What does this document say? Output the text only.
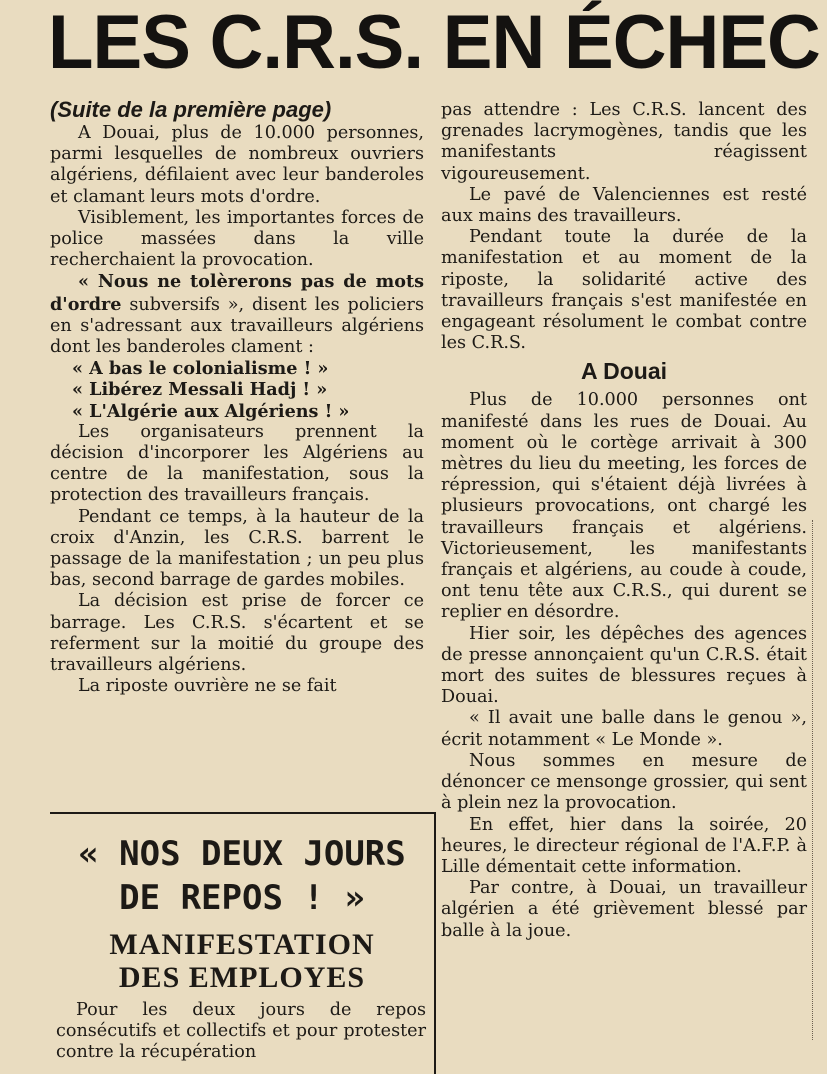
LES C.R.S. EN ÉCHEC

(Suite de la première page)

A Douai, plus de 10.000 personnes, parmi lesquelles de nombreux ouvriers algériens, défilaient avec leur banderoles et clamant leurs mots d'ordre.

Visiblement, les importantes forces de police massées dans la ville recherchaient la provocation.

« Nous ne tolèrerons pas de mots d'ordre subversifs », disent les policiers en s'adressant aux travailleurs algériens dont les banderoles clament :

« A bas le colonialisme ! »

« Libérez Messali Hadj ! »

« L'Algérie aux Algériens ! »

Les organisateurs prennent la décision d'incorporer les Algériens au centre de la manifestation, sous la protection des travailleurs français.

Pendant ce temps, à la hauteur de la croix d'Anzin, les C.R.S. barrent le passage de la manifestation ; un peu plus bas, second barrage de gardes mobiles.

La décision est prise de forcer ce barrage. Les C.R.S. s'écartent et se referment sur la moitié du groupe des travailleurs algériens.

La riposte ouvrière ne se fait

pas attendre : Les C.R.S. lancent des grenades lacrymogènes, tandis que les manifestants réagissent vigoureusement.

Le pavé de Valenciennes est resté aux mains des travailleurs.

Pendant toute la durée de la manifestation et au moment de la riposte, la solidarité active des travailleurs français s'est manifestée en engageant résolument le combat contre les C.R.S.

A Douai

Plus de 10.000 personnes ont manifesté dans les rues de Douai. Au moment où le cortège arrivait à 300 mètres du lieu du meeting, les forces de répression, qui s'étaient déjà livrées à plusieurs provocations, ont chargé les travailleurs français et algériens. Victorieusement, les manifestants français et algériens, au coude à coude, ont tenu tête aux C.R.S., qui durent se replier en désordre.

Hier soir, les dépêches des agences de presse annonçaient qu'un C.R.S. était mort des suites de blessures reçues à Douai.

« Il avait une balle dans le genou », écrit notamment « Le Monde ».

Nous sommes en mesure de dénoncer ce mensonge grossier, qui sent à plein nez la provocation.

En effet, hier dans la soirée, 20 heures, le directeur régional de l'A.F.P. à Lille démentait cette information.

Par contre, à Douai, un travailleur algérien a été grièvement blessé par balle à la joue.

« NOS DEUX JOURS
DE REPOS ! »
MANIFESTATION
DES EMPLOYES

Pour les deux jours de repos consécutifs et collectifs et pour protester contre la récupération
